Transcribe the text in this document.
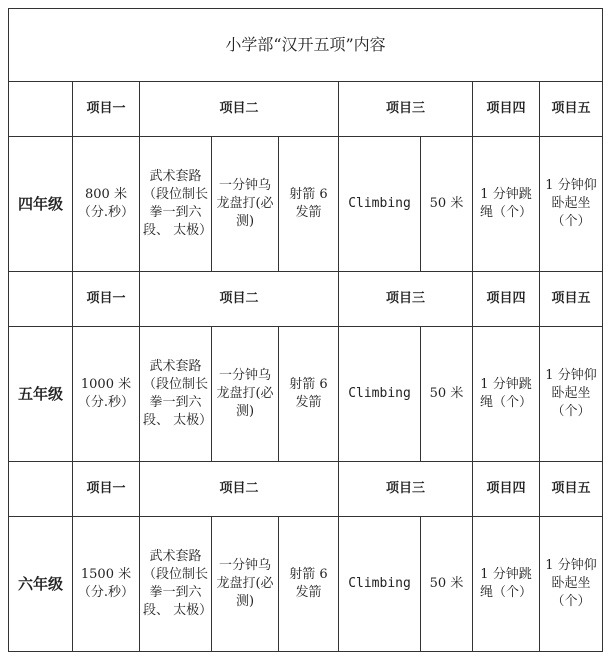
小学部“汉开五项”内容								
	项目一	项目二			项目三		项目四	项目五
四年级	800 米（分.秒）	武术套路（段位制长拳一到六段、 太极）	一分钟乌龙盘打(必测)	射箭 6 发箭	Climbing	50 米	1 分钟跳绳（个）	1 分钟仰卧起坐（个）
	项目一	项目二			项目三		项目四	项目五
五年级	1000 米（分.秒）	武术套路（段位制长拳一到六段、 太极）	一分钟乌龙盘打(必测)	射箭 6 发箭	Climbing	50 米	1 分钟跳绳（个）	1 分钟仰卧起坐（个）
	项目一	项目二			项目三		项目四	项目五
六年级	1500 米（分.秒）	武术套路（段位制长拳一到六段、 太极）	一分钟乌龙盘打(必测)	射箭 6 发箭	Climbing	50 米	1 分钟跳绳（个）	1 分钟仰卧起坐（个）
